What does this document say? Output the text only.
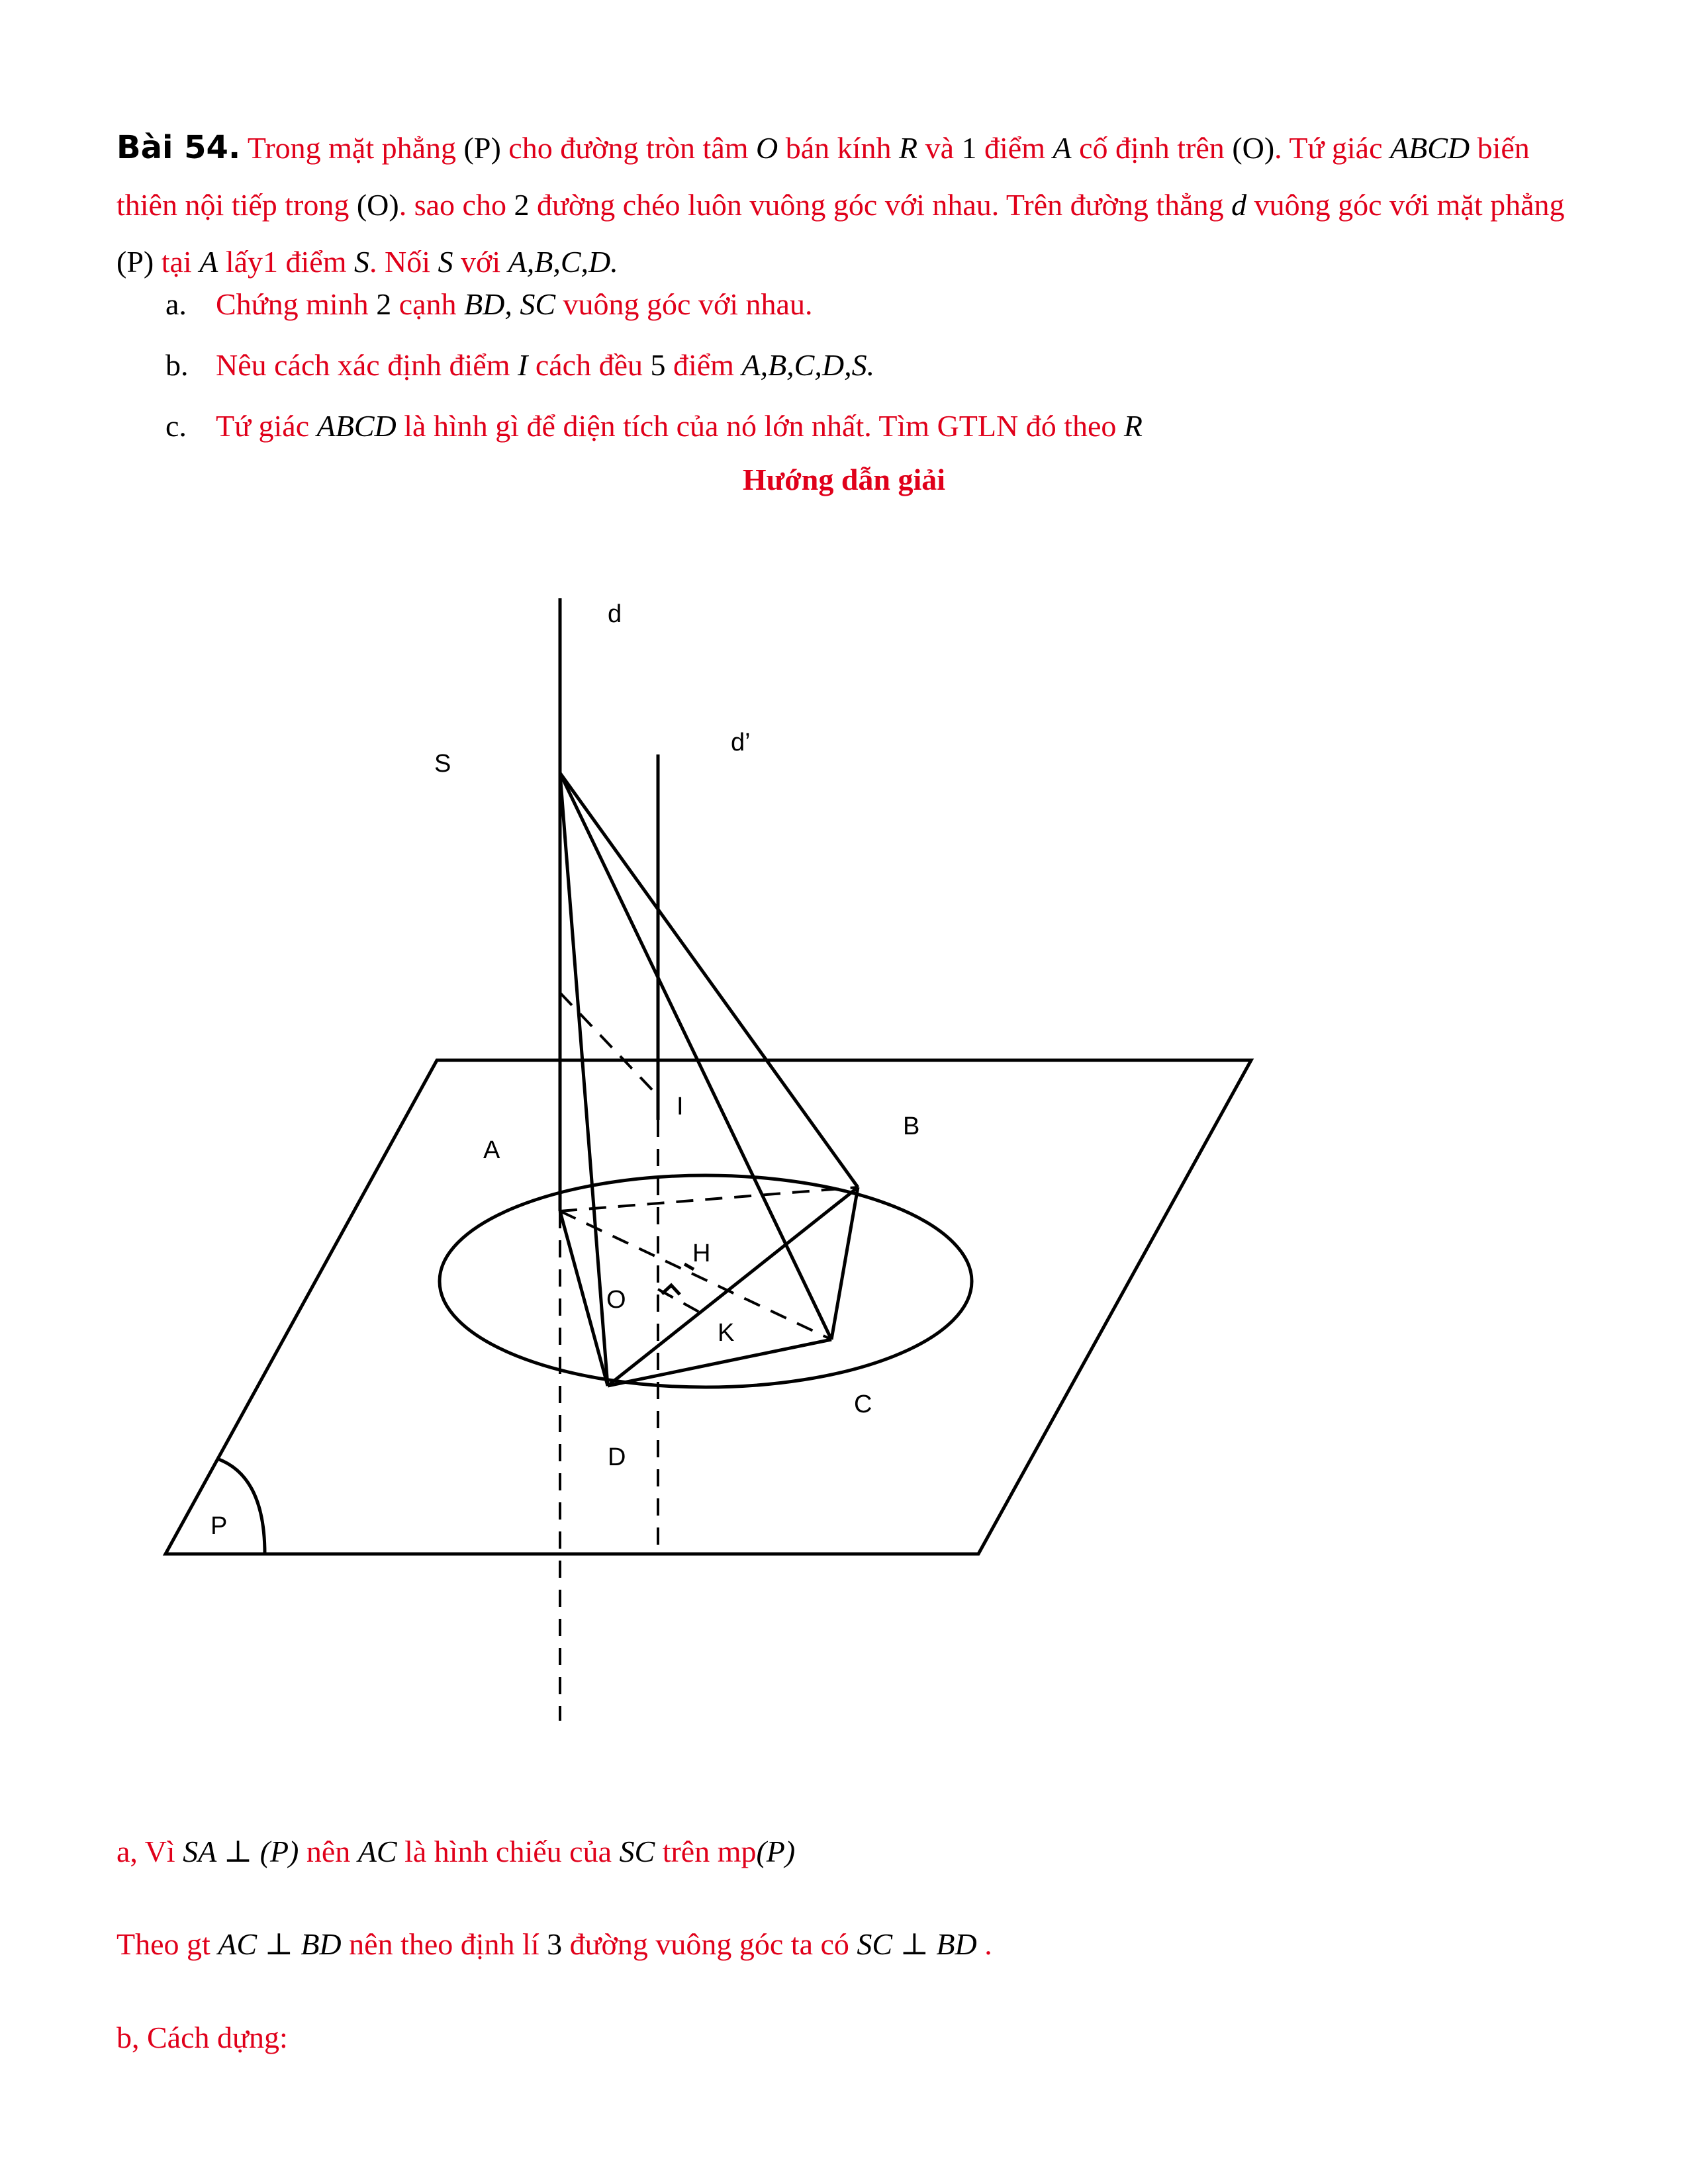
Bài 54. Trong mặt phẳng (P) cho đường tròn tâm O bán kính R và 1 điểm A cố định trên (O). Tứ giác ABCD biến thiên nội tiếp trong (O). sao cho 2 đường chéo luôn vuông góc với nhau. Trên đường thẳng d vuông góc với mặt phẳng (P) tại A lấy1 điểm S. Nối S với A,B,C,D.
a. Chứng minh 2 cạnh BD, SC vuông góc với nhau.
b. Nêu cách xác định điểm I cách đều 5 điểm A,B,C,D,S.
c. Tứ giác ABCD là hình gì để diện tích của nó lớn nhất. Tìm GTLN đó theo R
Hướng dẫn giải
d
d’
S
I
A
B
H
O
K
C
D
P
a, Vì SA ⊥ (P) nên AC là hình chiếu của SC trên mp(P)
Theo gt AC ⊥ BD nên theo định lí 3 đường vuông góc ta có SC ⊥ BD .
b, Cách dựng:
